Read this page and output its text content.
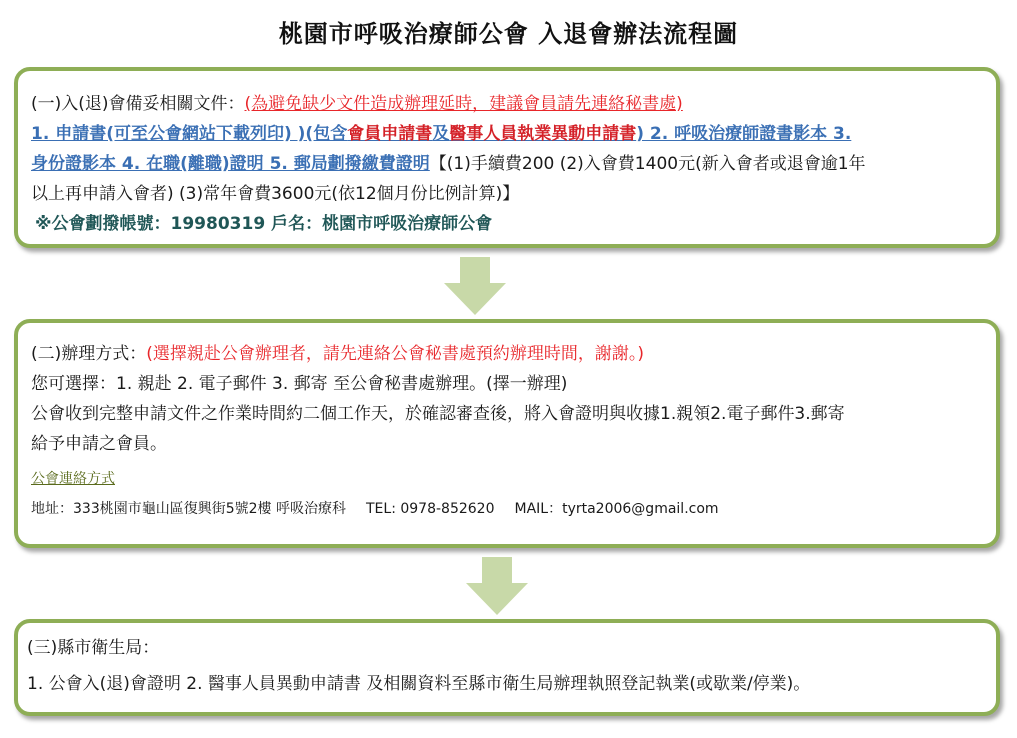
桃園市呼吸治療師公會 入退會辦法流程圖
(一)入(退)會備妥相關文件：(為避免缺少文件造成辦理延時，建議會員請先連絡秘書處)
1. 申請書(可至公會網站下載列印) )(包含會員申請書及醫事人員執業異動申請書) 2. 呼吸治療師證書影本 3.
身份證影本 4. 在職(離職)證明 5. 郵局劃撥繳費證明【(1)手續費200 (2)入會費1400元(新入會者或退會逾1年
以上再申請入會者) (3)常年會費3600元(依12個月份比例計算)】
※公會劃撥帳號：19980319 戶名：桃園市呼吸治療師公會
(二)辦理方式：(選擇親赴公會辦理者，請先連絡公會秘書處預約辦理時間，謝謝。)
您可選擇：1. 親赴 2. 電子郵件 3. 郵寄 至公會秘書處辦理。(擇一辦理)
公會收到完整申請文件之作業時間約二個工作天，於確認審查後，將入會證明與收據1.親領2.電子郵件3.郵寄
給予申請之會員。
公會連絡方式
地址：333桃園市龜山區復興街5號2樓 呼吸治療科 TEL: 0978-852620 MAIL：tyrta2006@gmail.com
(三)縣市衛生局：
1. 公會入(退)會證明 2. 醫事人員異動申請書 及相關資料至縣市衛生局辦理執照登記執業(或歇業/停業)。
